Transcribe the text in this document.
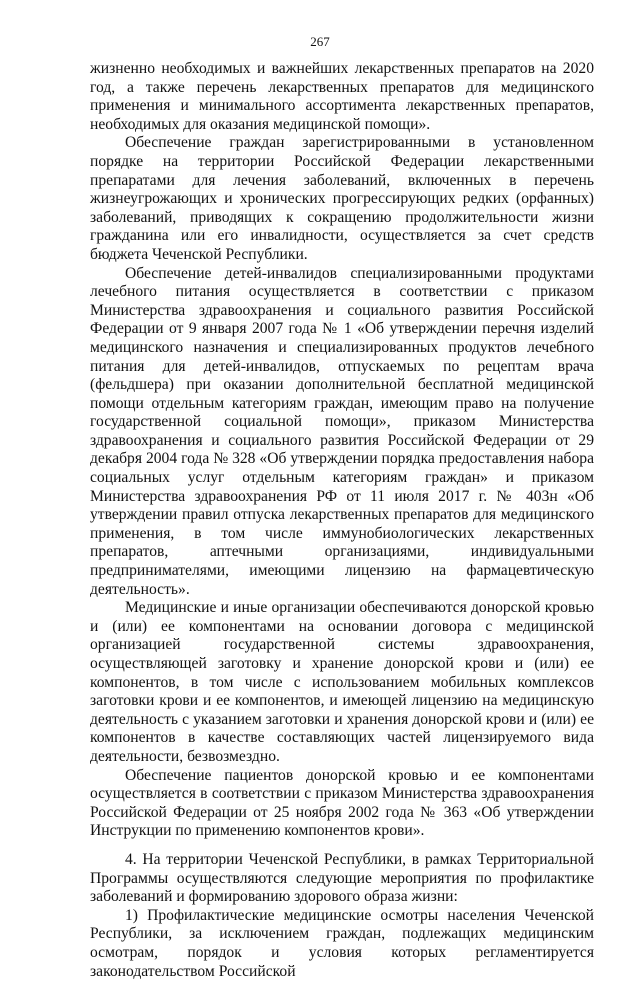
267

жизненно необходимых и важнейших лекарственных препаратов на 2020 год, а также перечень лекарственных препаратов для медицинского применения и минимального ассортимента лекарственных препаратов, необходимых для оказания медицинской помощи».

Обеспечение граждан зарегистрированными в установленном порядке на территории Российской Федерации лекарственными препаратами для лечения заболеваний, включенных в перечень жизнеугрожающих и хронических прогрессирующих редких (орфанных) заболеваний, приводящих к сокращению продолжительности жизни гражданина или его инвалидности, осуществляется за счет средств бюджета Чеченской Республики.

Обеспечение детей-инвалидов специализированными продуктами лечебного питания осуществляется в соответствии с приказом Министерства здравоохранения и социального развития Российской Федерации от 9 января 2007 года № 1 «Об утверждении перечня изделий медицинского назначения и специализированных продуктов лечебного питания для детей-инвалидов, отпускаемых по рецептам врача (фельдшера) при оказании дополнительной бесплатной медицинской помощи отдельным категориям граждан, имеющим право на получение государственной социальной помощи», приказом Министерства здравоохранения и социального развития Российской Федерации от 29 декабря 2004 года № 328 «Об утверждении порядка предоставления набора социальных услуг отдельным категориям граждан» и приказом Министерства здравоохранения РФ от 11 июля 2017 г. № 403н «Об утверждении правил отпуска лекарственных препаратов для медицинского применения, в том числе иммунобиологических лекарственных препаратов, аптечными организациями, индивидуальными предпринимателями, имеющими лицензию на фармацевтическую деятельность».

Медицинские и иные организации обеспечиваются донорской кровью и (или) ее компонентами на основании договора с медицинской организацией государственной системы здравоохранения, осуществляющей заготовку и хранение донорской крови и (или) ее компонентов, в том числе с использованием мобильных комплексов заготовки крови и ее компонентов, и имеющей лицензию на медицинскую деятельность с указанием заготовки и хранения донорской крови и (или) ее компонентов в качестве составляющих частей лицензируемого вида деятельности, безвозмездно.

Обеспечение пациентов донорской кровью и ее компонентами осуществляется в соответствии с приказом Министерства здравоохранения Российской Федерации от 25 ноября 2002 года № 363 «Об утверждении Инструкции по применению компонентов крови».

4. На территории Чеченской Республики, в рамках Территориальной Программы осуществляются следующие мероприятия по профилактике заболеваний и формированию здорового образа жизни:

1) Профилактические медицинские осмотры населения Чеченской Республики, за исключением граждан, подлежащих медицинским осмотрам, порядок и условия которых регламентируется законодательством Российской
